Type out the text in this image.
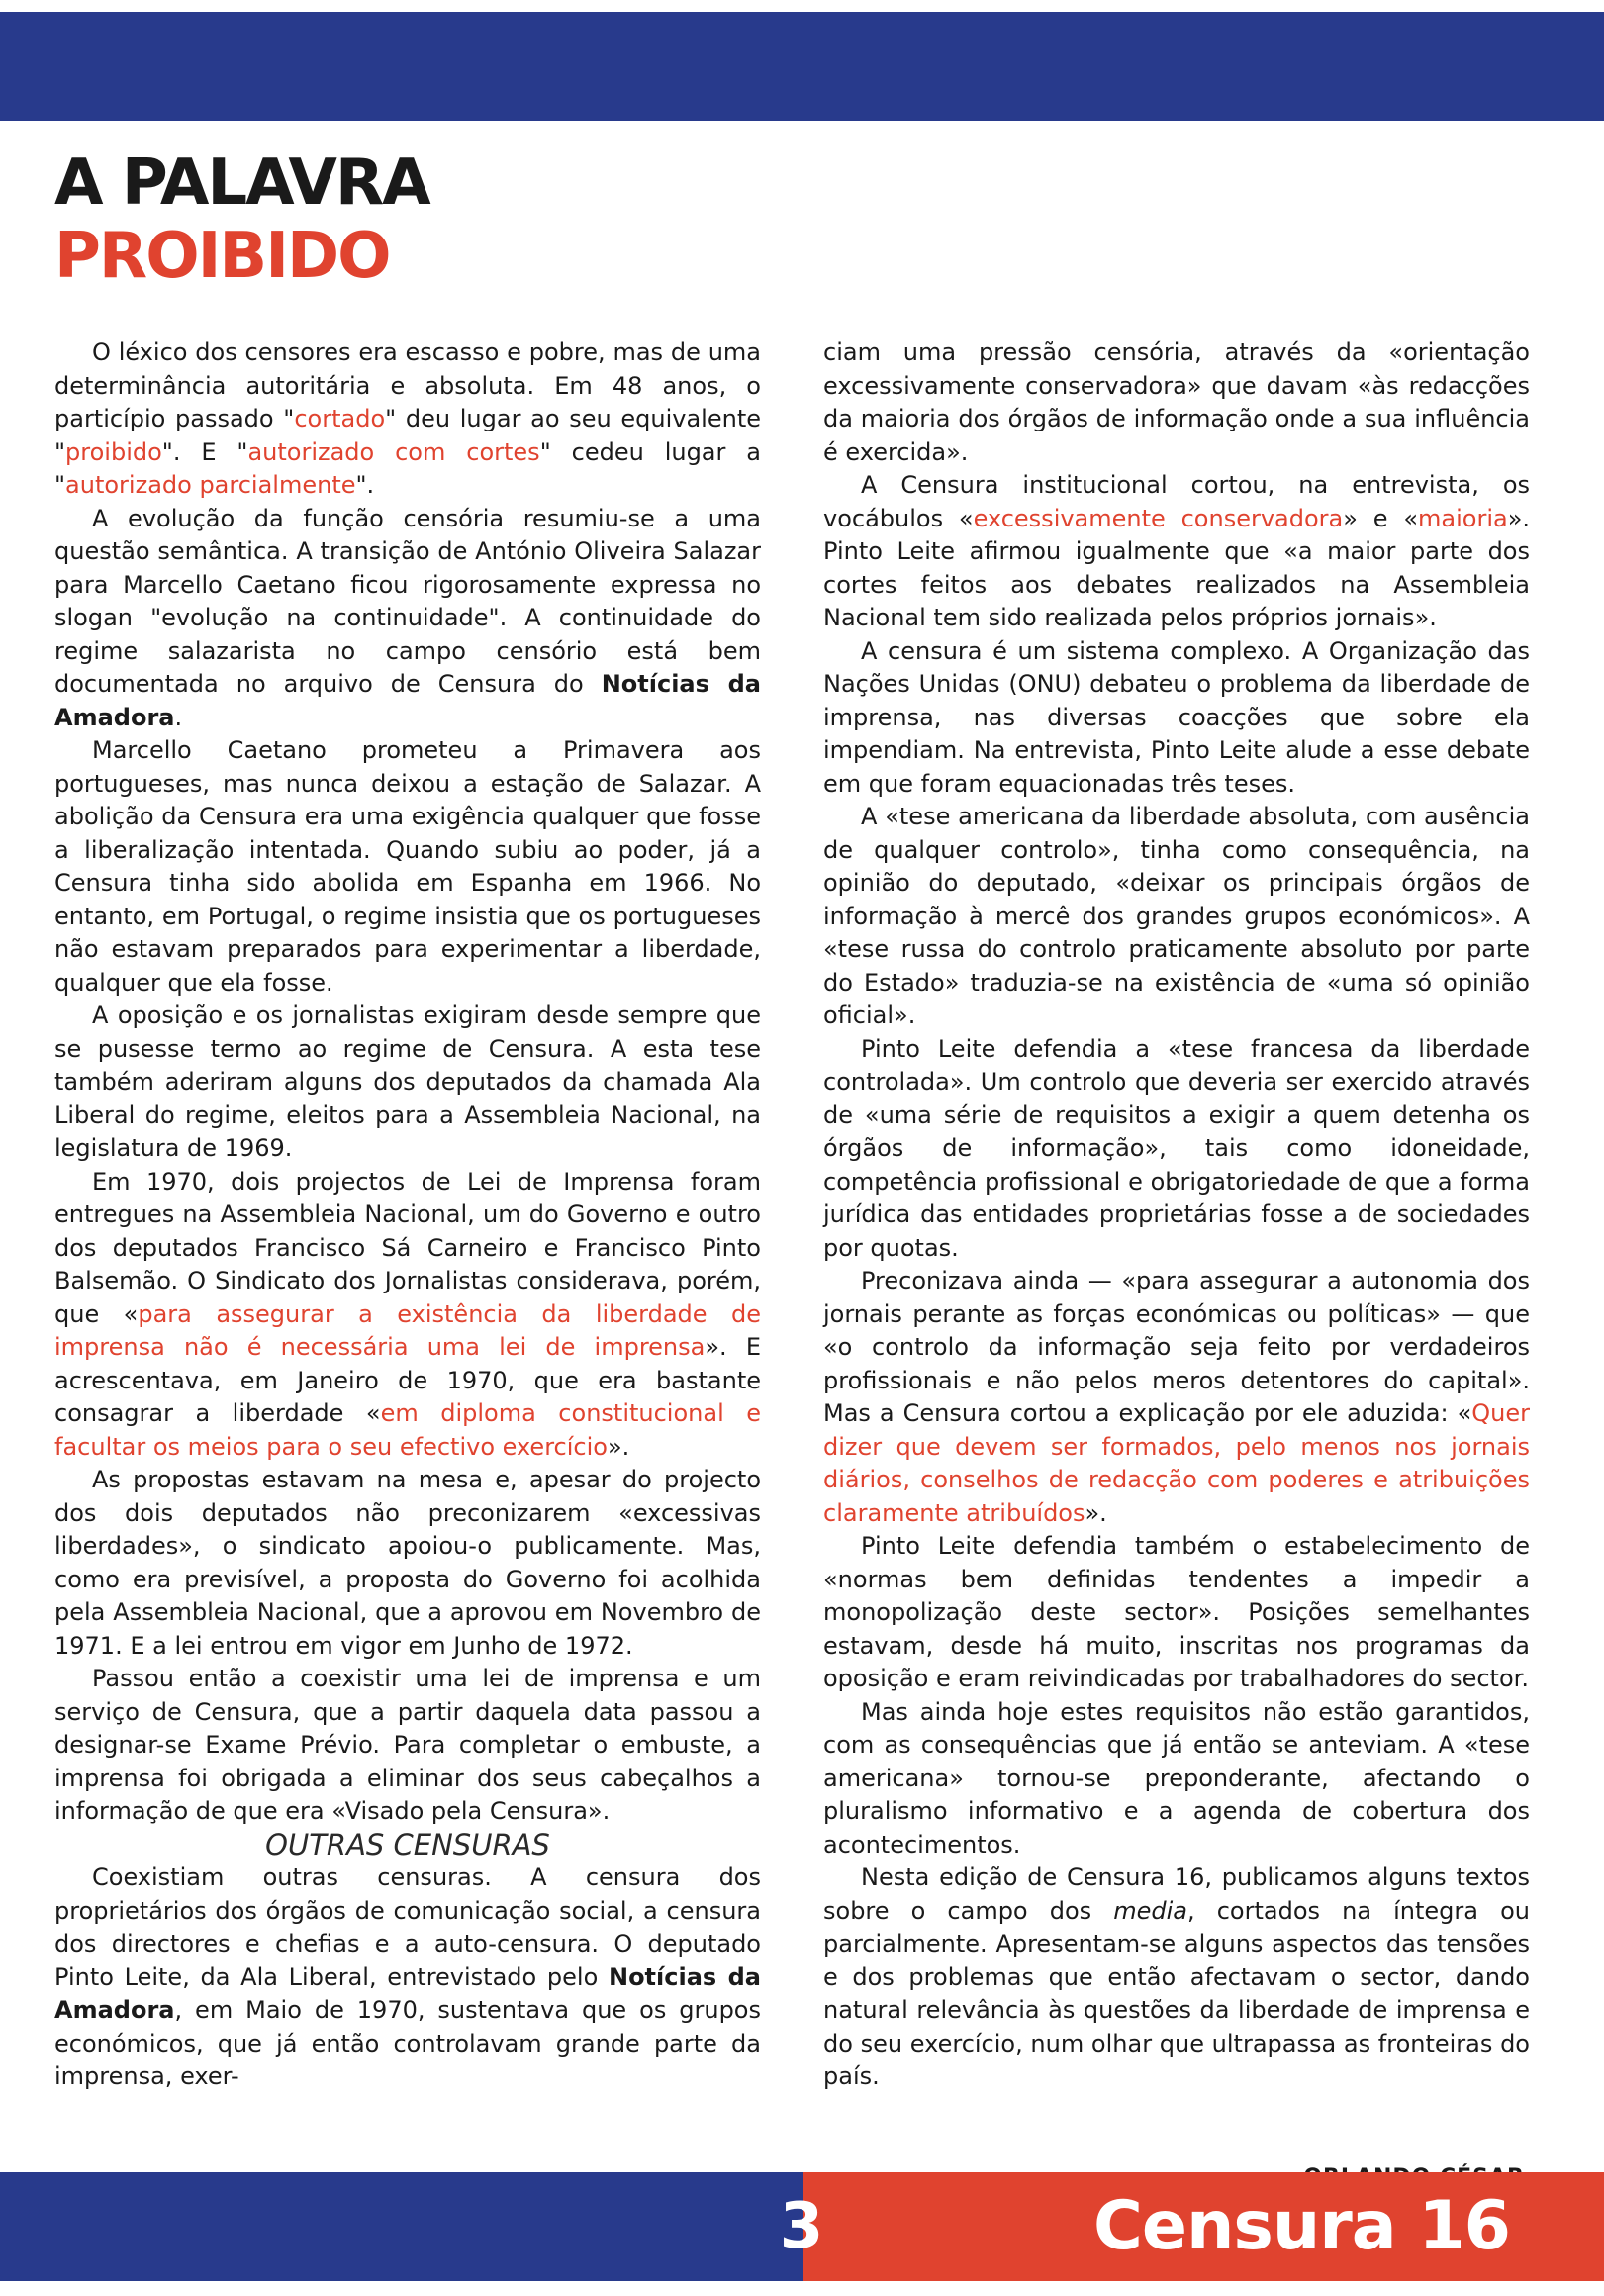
A PALAVRA
PROIBIDO

O léxico dos censores era escasso e pobre, mas de uma determinância autoritária e absoluta. Em 48 anos, o particípio passado "cortado" deu lugar ao seu equivalente "proibido". E "autorizado com cortes" cedeu lugar a "autorizado parcialmente".

A evolução da função censória resumiu-se a uma questão semântica. A transição de António Oliveira Salazar para Marcello Caetano ficou rigorosamente expressa no slogan "evolução na continuidade". A continuidade do regime salazarista no campo censório está bem documentada no arquivo de Censura do Notícias da Amadora.

Marcello Caetano prometeu a Primavera aos portugueses, mas nunca deixou a estação de Salazar. A abolição da Censura era uma exigência qualquer que fosse a liberalização intentada. Quando subiu ao poder, já a Censura tinha sido abolida em Espanha em 1966. No entanto, em Portugal, o regime insistia que os portugueses não estavam preparados para experimentar a liberdade, qualquer que ela fosse.

A oposição e os jornalistas exigiram desde sempre que se pusesse termo ao regime de Censura. A esta tese também aderiram alguns dos deputados da chamada Ala Liberal do regime, eleitos para a Assembleia Nacional, na legislatura de 1969.

Em 1970, dois projectos de Lei de Imprensa foram entregues na Assembleia Nacional, um do Governo e outro dos deputados Francisco Sá Carneiro e Francisco Pinto Balsemão. O Sindicato dos Jornalistas considerava, porém, que «para assegurar a existência da liberdade de imprensa não é necessária uma lei de imprensa». E acrescentava, em Janeiro de 1970, que era bastante consagrar a liberdade «em diploma constitucional e facultar os meios para o seu efectivo exercício».

As propostas estavam na mesa e, apesar do projecto dos dois deputados não preconizarem «excessivas liberdades», o sindicato apoiou-o publicamente. Mas, como era previsível, a proposta do Governo foi acolhida pela Assembleia Nacional, que a aprovou em Novembro de 1971. E a lei entrou em vigor em Junho de 1972.

Passou então a coexistir uma lei de imprensa e um serviço de Censura, que a partir daquela data passou a designar-se Exame Prévio. Para completar o embuste, a imprensa foi obrigada a eliminar dos seus cabeçalhos a informação de que era «Visado pela Censura».

OUTRAS CENSURAS

Coexistiam outras censuras. A censura dos proprietários dos órgãos de comunicação social, a censura dos directores e chefias e a auto-censura. O deputado Pinto Leite, da Ala Liberal, entrevistado pelo Notícias da Amadora, em Maio de 1970, sustentava que os grupos económicos, que já então controlavam grande parte da imprensa, exer-

ciam uma pressão censória, através da «orientação excessivamente conservadora» que davam «às redacções da maioria dos órgãos de informação onde a sua influência é exercida».

A Censura institucional cortou, na entrevista, os vocábulos «excessivamente conservadora» e «maioria». Pinto Leite afirmou igualmente que «a maior parte dos cortes feitos aos debates realizados na Assembleia Nacional tem sido realizada pelos próprios jornais».

A censura é um sistema complexo. A Organização das Nações Unidas (ONU) debateu o problema da liberdade de imprensa, nas diversas coacções que sobre ela impendiam. Na entrevista, Pinto Leite alude a esse debate em que foram equacionadas três teses.

A «tese americana da liberdade absoluta, com ausência de qualquer controlo», tinha como consequência, na opinião do deputado, «deixar os principais órgãos de informação à mercê dos grandes grupos económicos». A «tese russa do controlo praticamente absoluto por parte do Estado» traduzia-se na existência de «uma só opinião oficial».

Pinto Leite defendia a «tese francesa da liberdade controlada». Um controlo que deveria ser exercido através de «uma série de requisitos a exigir a quem detenha os órgãos de informação», tais como idoneidade, competência profissional e obrigatoriedade de que a forma jurídica das entidades proprietárias fosse a de sociedades por quotas.

Preconizava ainda — «para assegurar a autonomia dos jornais perante as forças económicas ou políticas» — que «o controlo da informação seja feito por verdadeiros profissionais e não pelos meros detentores do capital». Mas a Censura cortou a explicação por ele aduzida: «Quer dizer que devem ser formados, pelo menos nos jornais diários, conselhos de redacção com poderes e atribuições claramente atribuídos».

Pinto Leite defendia também o estabelecimento de «normas bem definidas tendentes a impedir a monopolização deste sector». Posições semelhantes estavam, desde há muito, inscritas nos programas da oposição e eram reivindicadas por trabalhadores do sector.

Mas ainda hoje estes requisitos não estão garantidos, com as consequências que já então se anteviam. A «tese americana» tornou-se preponderante, afectando o pluralismo informativo e a agenda de cobertura dos acontecimentos.

Nesta edição de Censura 16, publicamos alguns textos sobre o campo dos media, cortados na íntegra ou parcialmente. Apresentam-se alguns aspectos das tensões e dos problemas que então afectavam o sector, dando natural relevância às questões da liberdade de imprensa e do seu exercício, num olhar que ultrapassa as fronteiras do país.

3	Censura 16
